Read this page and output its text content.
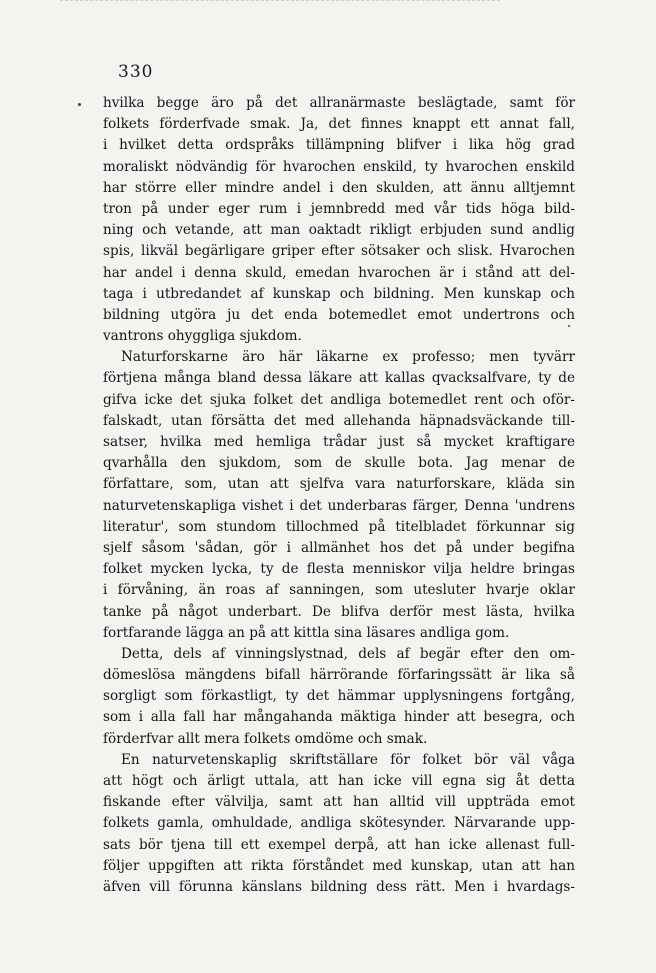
330
hvilka begge äro på det allranärmaste beslägtade, samt för
folkets förderfvade smak. Ja, det finnes knappt ett annat fall,
i hvilket detta ordspråks tillämpning blifver i lika hög grad
moraliskt nödvändig för hvarochen enskild, ty hvarochen enskild
har större eller mindre andel i den skulden, att ännu alltjemnt
tron på under eger rum i jemnbredd med vår tids höga bild-
ning och vetande, att man oaktadt rikligt erbjuden sund andlig
spis, likväl begärligare griper efter sötsaker och slisk. Hvarochen
har andel i denna skuld, emedan hvarochen är i stånd att del-
taga i utbredandet af kunskap och bildning. Men kunskap och
bildning utgöra ju det enda botemedlet emot undertrons och
vantrons ohyggliga sjukdom.
Naturforskarne äro här läkarne ex professo; men tyvärr
förtjena många bland dessa läkare att kallas qvacksalfvare, ty de
gifva icke det sjuka folket det andliga botemedlet rent och oför-
falskadt, utan försätta det med allehanda häpnadsväckande till-
satser, hvilka med hemliga trådar just så mycket kraftigare
qvarhålla den sjukdom, som de skulle bota. Jag menar de
författare, som, utan att sjelfva vara naturforskare, kläda sin
naturvetenskapliga vishet i det underbaras färger, Denna 'undrens
literatur', som stundom tillochmed på titelbladet förkunnar sig
sjelf såsom 'sådan, gör i allmänhet hos det på under begifna
folket mycken lycka, ty de flesta menniskor vilja heldre bringas
i förvåning, än roas af sanningen, som utesluter hvarje oklar
tanke på något underbart. De blifva derför mest lästa, hvilka
fortfarande lägga an på att kittla sina läsares andliga gom.
Detta, dels af vinningslystnad, dels af begär efter den om-
dömeslösa mängdens bifall härrörande förfaringssätt är lika så
sorgligt som förkastligt, ty det hämmar upplysningens fortgång,
som i alla fall har mångahanda mäktiga hinder att besegra, och
förderfvar allt mera folkets omdöme och smak.
En naturvetenskaplig skriftställare för folket bör väl våga
att högt och ärligt uttala, att han icke vill egna sig åt detta
fiskande efter välvilja, samt att han alltid vill uppträda emot
folkets gamla, omhuldade, andliga skötesynder. Närvarande upp-
sats bör tjena till ett exempel derpå, att han icke allenast full-
följer uppgiften att rikta förståndet med kunskap, utan att han
äfven vill förunna känslans bildning dess rätt. Men i hvardags-
